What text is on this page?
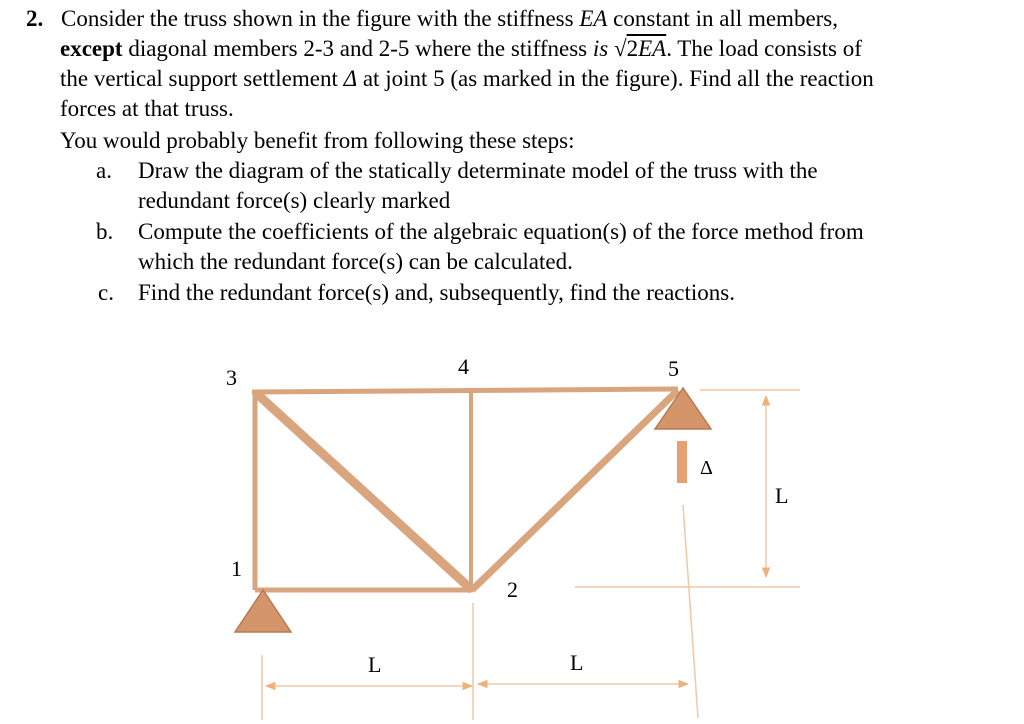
2. Consider the truss shown in the figure with the stiffness EA constant in all members,
except diagonal members 2-3 and 2-5 where the stiffness is $√2\overline{EA}$. The load consists of
the vertical support settlement Δ at joint 5 (as marked in the figure). Find all the reaction
forces at that truss.
You would probably benefit from following these steps:
a. Draw the diagram of the statically determinate model of the truss with the
redundant force(s) clearly marked
b. Compute the coefficients of the algebraic equation(s) of the force method from
which the redundant force(s) can be calculated.
c. Find the redundant force(s) and, subsequently, find the reactions.
3	4	5
1
2
Δ
L
L	L
